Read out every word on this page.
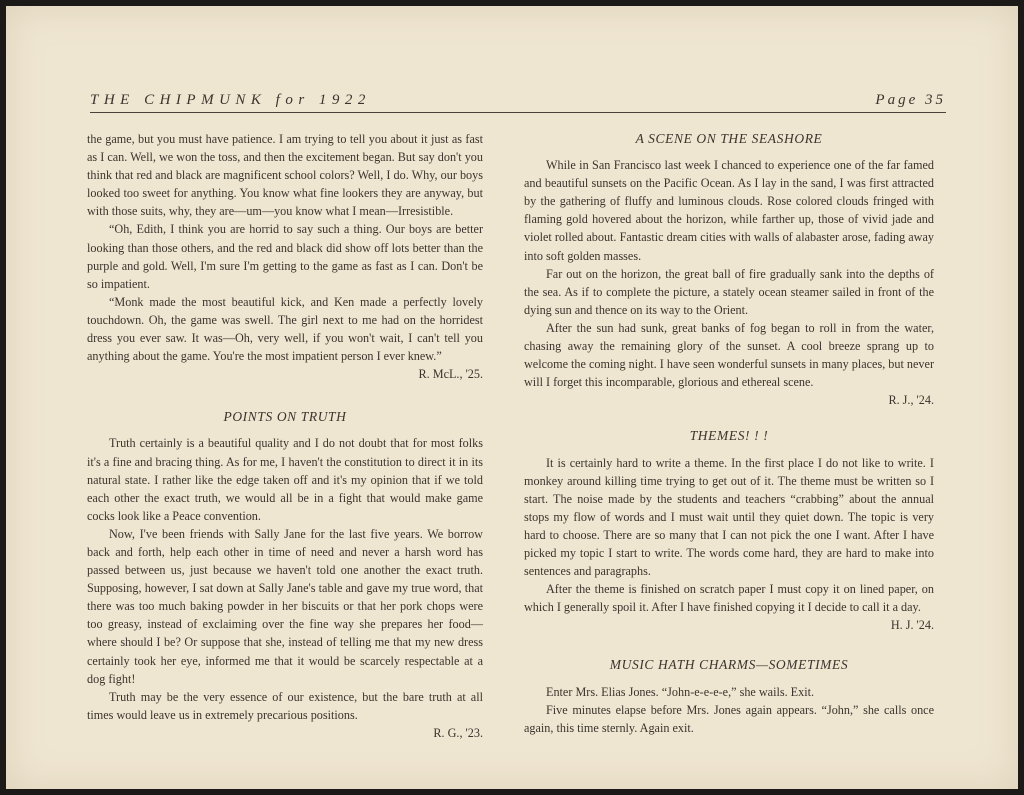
THE CHIPMUNK for 1922	Page 35

the game, but you must have patience. I am trying to tell you about it just as fast as I can. Well, we won the toss, and then the excitement began. But say don't you think that red and black are magnificent school colors? Well, I do. Why, our boys looked too sweet for anything. You know what fine lookers they are anyway, but with those suits, why, they are—um—you know what I mean—Irresistible.

“Oh, Edith, I think you are horrid to say such a thing. Our boys are better looking than those others, and the red and black did show off lots better than the purple and gold. Well, I'm sure I'm getting to the game as fast as I can. Don't be so impatient.

“Monk made the most beautiful kick, and Ken made a perfectly lovely touchdown. Oh, the game was swell. The girl next to me had on the horridest dress you ever saw. It was—Oh, very well, if you won't wait, I can't tell you anything about the game. You're the most impatient person I ever knew.”

R. McL., '25.

POINTS ON TRUTH

Truth certainly is a beautiful quality and I do not doubt that for most folks it's a fine and bracing thing. As for me, I haven't the constitution to direct it in its natural state. I rather like the edge taken off and it's my opinion that if we told each other the exact truth, we would all be in a fight that would make game cocks look like a Peace convention.

Now, I've been friends with Sally Jane for the last five years. We borrow back and forth, help each other in time of need and never a harsh word has passed between us, just because we haven't told one another the exact truth. Supposing, however, I sat down at Sally Jane's table and gave my true word, that there was too much baking powder in her biscuits or that her pork chops were too greasy, instead of exclaiming over the fine way she prepares her food—where should I be? Or suppose that she, instead of telling me that my new dress certainly took her eye, informed me that it would be scarcely respectable at a dog fight!

Truth may be the very essence of our existence, but the bare truth at all times would leave us in extremely precarious positions.

R. G., '23.

A SCENE ON THE SEASHORE

While in San Francisco last week I chanced to experience one of the far famed and beautiful sunsets on the Pacific Ocean. As I lay in the sand, I was first attracted by the gathering of fluffy and luminous clouds. Rose colored clouds fringed with flaming gold hovered about the horizon, while farther up, those of vivid jade and violet rolled about. Fantastic dream cities with walls of alabaster arose, fading away into soft golden masses.

Far out on the horizon, the great ball of fire gradually sank into the depths of the sea. As if to complete the picture, a stately ocean steamer sailed in front of the dying sun and thence on its way to the Orient.

After the sun had sunk, great banks of fog began to roll in from the water, chasing away the remaining glory of the sunset. A cool breeze sprang up to welcome the coming night. I have seen wonderful sunsets in many places, but never will I forget this incomparable, glorious and ethereal scene.

R. J., '24.

THEMES! ! !

It is certainly hard to write a theme. In the first place I do not like to write. I monkey around killing time trying to get out of it. The theme must be written so I start. The noise made by the students and teachers “crabbing” about the annual stops my flow of words and I must wait until they quiet down. The topic is very hard to choose. There are so many that I can not pick the one I want. After I have picked my topic I start to write. The words come hard, they are hard to make into sentences and paragraphs.

After the theme is finished on scratch paper I must copy it on lined paper, on which I generally spoil it. After I have finished copying it I decide to call it a day.

H. J. '24.

MUSIC HATH CHARMS—SOMETIMES

Enter Mrs. Elias Jones. “John-e-e-e-e,” she wails. Exit.

Five minutes elapse before Mrs. Jones again appears. “John,” she calls once again, this time sternly. Again exit.
